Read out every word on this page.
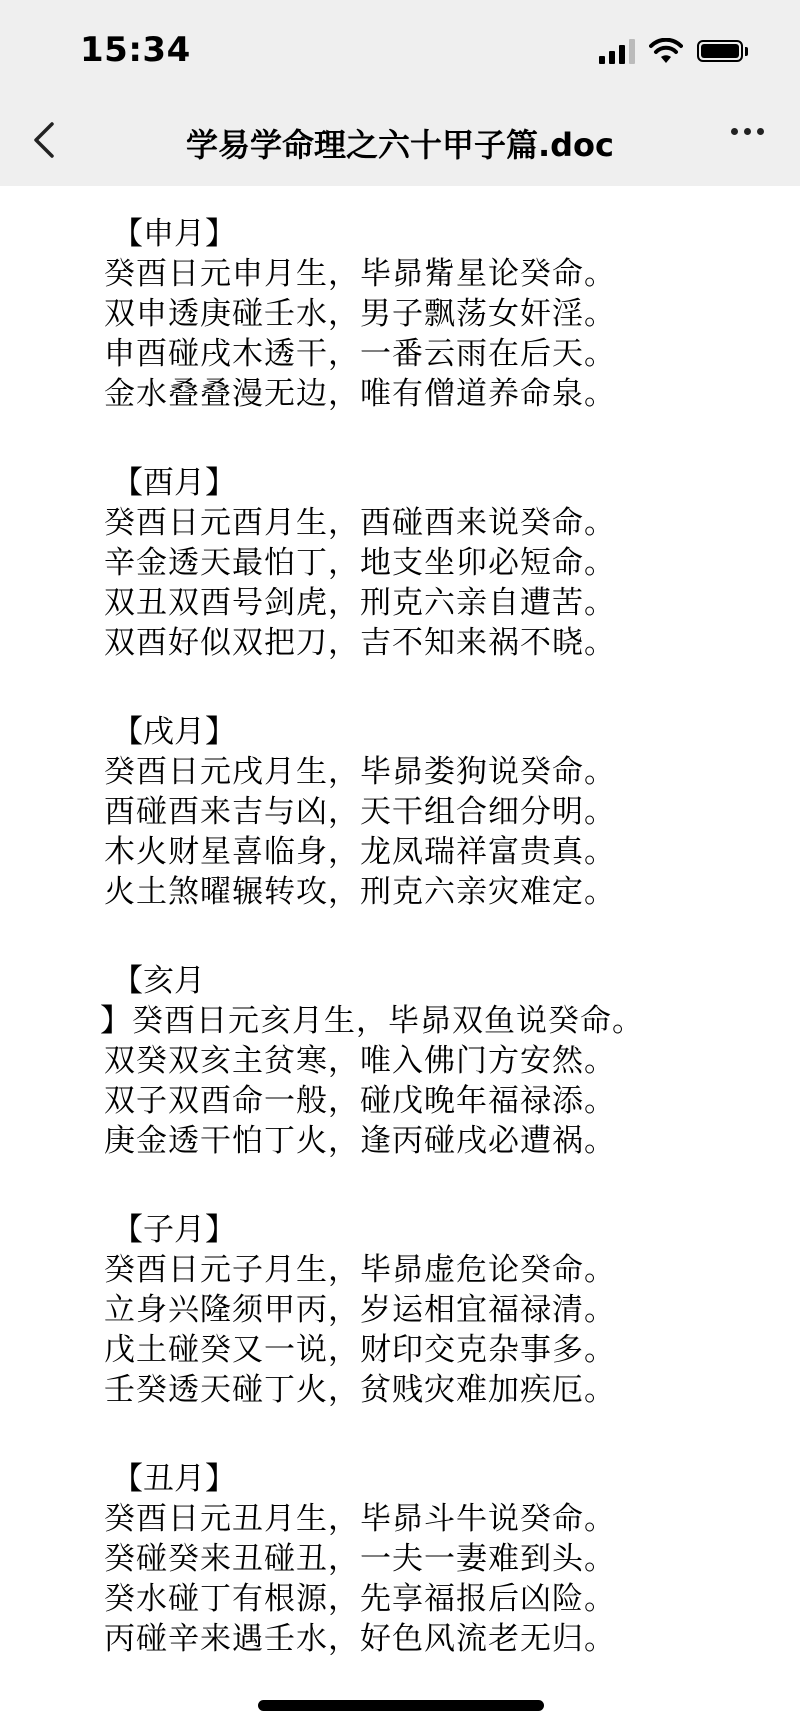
15:34
学易学命理之六十甲子篇.doc
【申月】
癸酉日元申月生，毕昴觜星论癸命。
双申透庚碰壬水，男子飘荡女奸淫。
申酉碰戌木透干，一番云雨在后天。
金水叠叠漫无边，唯有僧道养命泉。
【酉月】
癸酉日元酉月生，酉碰酉来说癸命。
辛金透天最怕丁，地支坐卯必短命。
双丑双酉号剑虎，刑克六亲自遭苦。
双酉好似双把刀，吉不知来祸不晓。
【戌月】
癸酉日元戌月生，毕昴娄狗说癸命。
酉碰酉来吉与凶，天干组合细分明。
木火财星喜临身，龙凤瑞祥富贵真。
火土煞曜辗转攻，刑克六亲灾难定。
【亥月
】癸酉日元亥月生，毕昴双鱼说癸命。
双癸双亥主贫寒，唯入佛门方安然。
双子双酉命一般，碰戊晚年福禄添。
庚金透干怕丁火，逢丙碰戌必遭祸。
【子月】
癸酉日元子月生，毕昴虚危论癸命。
立身兴隆须甲丙，岁运相宜福禄清。
戊土碰癸又一说，财印交克杂事多。
壬癸透天碰丁火，贫贱灾难加疾厄。
【丑月】
癸酉日元丑月生，毕昴斗牛说癸命。
癸碰癸来丑碰丑，一夫一妻难到头。
癸水碰丁有根源，先享福报后凶险。
丙碰辛来遇壬水，好色风流老无归。
